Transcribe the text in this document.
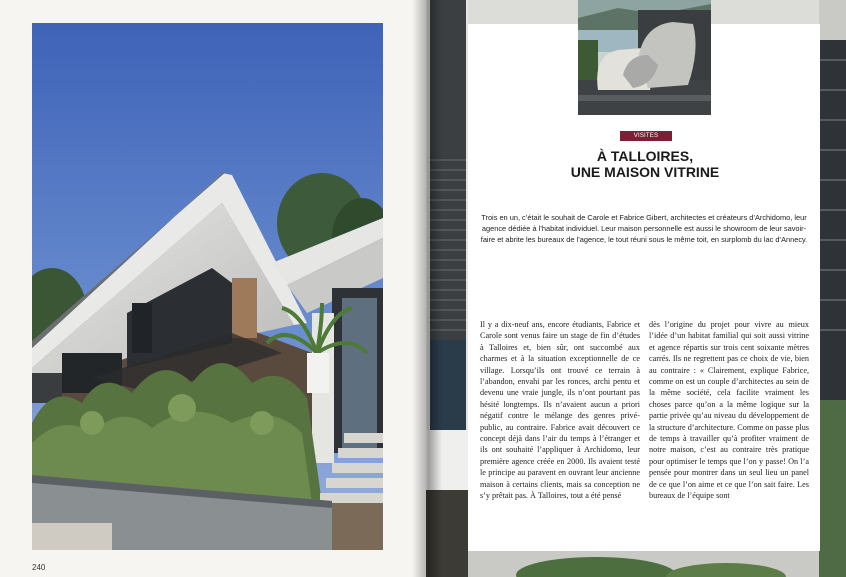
240
VISITES PRIVÉES
À TALLOIRES,
UNE MAISON VITRINE
Trois en un, c’était le souhait de Carole et Fabrice Gibert, architectes et créateurs d’Archidomo, leur agence dédiée à l’habitat individuel. Leur maison personnelle est aussi le showroom de leur savoir-faire et abrite les bureaux de l’agence, le tout réuni sous le même toit, en surplomb du lac d’Annecy.

Il y a dix-neuf ans, encore étudiants, Fabrice et Carole sont venus faire un stage de fin d’études à Talloires et, bien sûr, ont succombé aux charmes et à la situation exceptionnelle de ce village. Lorsqu’ils ont trouvé ce terrain à l’abandon, envahi par les ronces, archi pentu et devenu une vraie jungle, ils n’ont pourtant pas hésité longtemps. Ils n’avaient aucun a priori négatif contre le mélange des genres privé-public, au contraire. Fabrice avait découvert ce concept déjà dans l’air du temps à l’étranger et ils ont souhaité l’appliquer à Archidomo, leur première agence créée en 2000. Ils avaient testé le principe au paravent en ouvrant leur ancienne maison à certains clients, mais sa conception ne s’y prêtait pas. À Talloires, tout a été pensé

dès l’origine du projet pour vivre au mieux l’idée d’un habitat familial qui soit aussi vitrine et agence répartis sur trois cent soixante mètres carrés. Ils ne regrettent pas ce choix de vie, bien au contraire : « Clairement, explique Fabrice, comme on est un couple d’architectes au sein de la même société, cela facilite vraiment les choses parce qu’on a la même logique sur la partie privée qu’au niveau du développement de la structure d’architecture. Comme on passe plus de temps à travailler qu’à profiter vraiment de notre maison, c’est au contraire très pratique pour optimiser le temps que l’on y passe! On l’a pensée pour montrer dans un seul lieu un panel de ce que l’on aime et ce que l’on sait faire. Les bureaux de l’équipe sont
